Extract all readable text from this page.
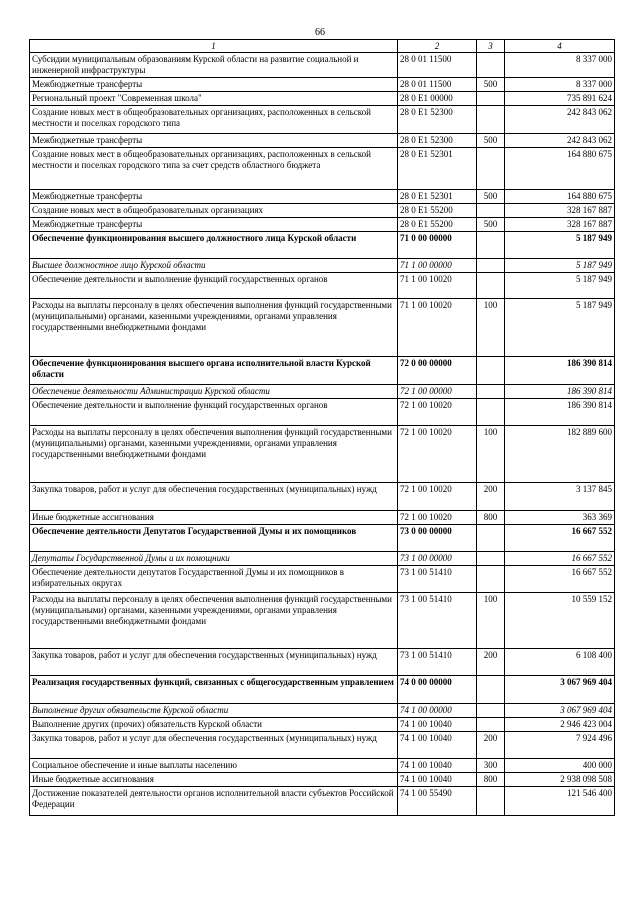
66
1	2	3	4
Субсидии муниципальным образованиям Курской области на развитие социальной и инженерной инфраструктуры	28 0 01 11500		8 337 000
Межбюджетные трансферты	28 0 01 11500	500	8 337 000
Региональный проект "Современная школа"	28 0 E1 00000		735 891 624
Создание новых мест в общеобразовательных организациях, расположенных в сельской местности и поселках городского типа	28 0 E1 52300		242 843 062
Межбюджетные трансферты	28 0 E1 52300	500	242 843 062
Создание новых мест в общеобразовательных организациях, расположенных в сельской местности и поселках городского типа за счет средств областного бюджета	28 0 E1 52301		164 880 675
Межбюджетные трансферты	28 0 E1 52301	500	164 880 675
Создание новых мест в общеобразовательных организациях	28 0 E1 55200		328 167 887
Межбюджетные трансферты	28 0 E1 55200	500	328 167 887
Обеспечение функционирования высшего должностного лица Курской области	71 0 00 00000		5 187 949
Высшее должностное лицо Курской области	71 1 00 00000		5 187 949
Обеспечение деятельности и выполнение функций государственных органов	71 1 00 10020		5 187 949
Расходы на выплаты персоналу в целях обеспечения выполнения функций государственными (муниципальными) органами, казенными учреждениями, органами управления государственными внебюджетными фондами	71 1 00 10020	100	5 187 949
Обеспечение функционирования высшего органа исполнительной власти Курской области	72 0 00 00000		186 390 814
Обеспечение деятельности Администрации Курской области	72 1 00 00000		186 390 814
Обеспечение деятельности и выполнение функций государственных органов	72 1 00 10020		186 390 814
Расходы на выплаты персоналу в целях обеспечения выполнения функций государственными (муниципальными) органами, казенными учреждениями, органами управления государственными внебюджетными фондами	72 1 00 10020	100	182 889 600
Закупка товаров, работ и услуг для обеспечения государственных (муниципальных) нужд	72 1 00 10020	200	3 137 845
Иные бюджетные ассигнования	72 1 00 10020	800	363 369
Обеспечение деятельности Депутатов Государственной Думы и их помощников	73 0 00 00000		16 667 552
Депутаты Государственной Думы и их помощники	73 1 00 00000		16 667 552
Обеспечение деятельности депутатов Государственной Думы и их помощников в избирательных округах	73 1 00 51410		16 667 552
Расходы на выплаты персоналу в целях обеспечения выполнения функций государственными (муниципальными) органами, казенными учреждениями, органами управления государственными внебюджетными фондами	73 1 00 51410	100	10 559 152
Закупка товаров, работ и услуг для обеспечения государственных (муниципальных) нужд	73 1 00 51410	200	6 108 400
Реализация государственных функций, связанных с общегосударственным управлением	74 0 00 00000		3 067 969 404
Выполнение других обязательств Курской области	74 1 00 00000		3 067 969 404
Выполнение других (прочих) обязательств Курской области	74 1 00 10040		2 946 423 004
Закупка товаров, работ и услуг для обеспечения государственных (муниципальных) нужд	74 1 00 10040	200	7 924 496
Социальное обеспечение и иные выплаты населению	74 1 00 10040	300	400 000
Иные бюджетные ассигнования	74 1 00 10040	800	2 938 098 508
Достижение показателей деятельности органов исполнительной власти субъектов Российской Федерации	74 1 00 55490		121 546 400
